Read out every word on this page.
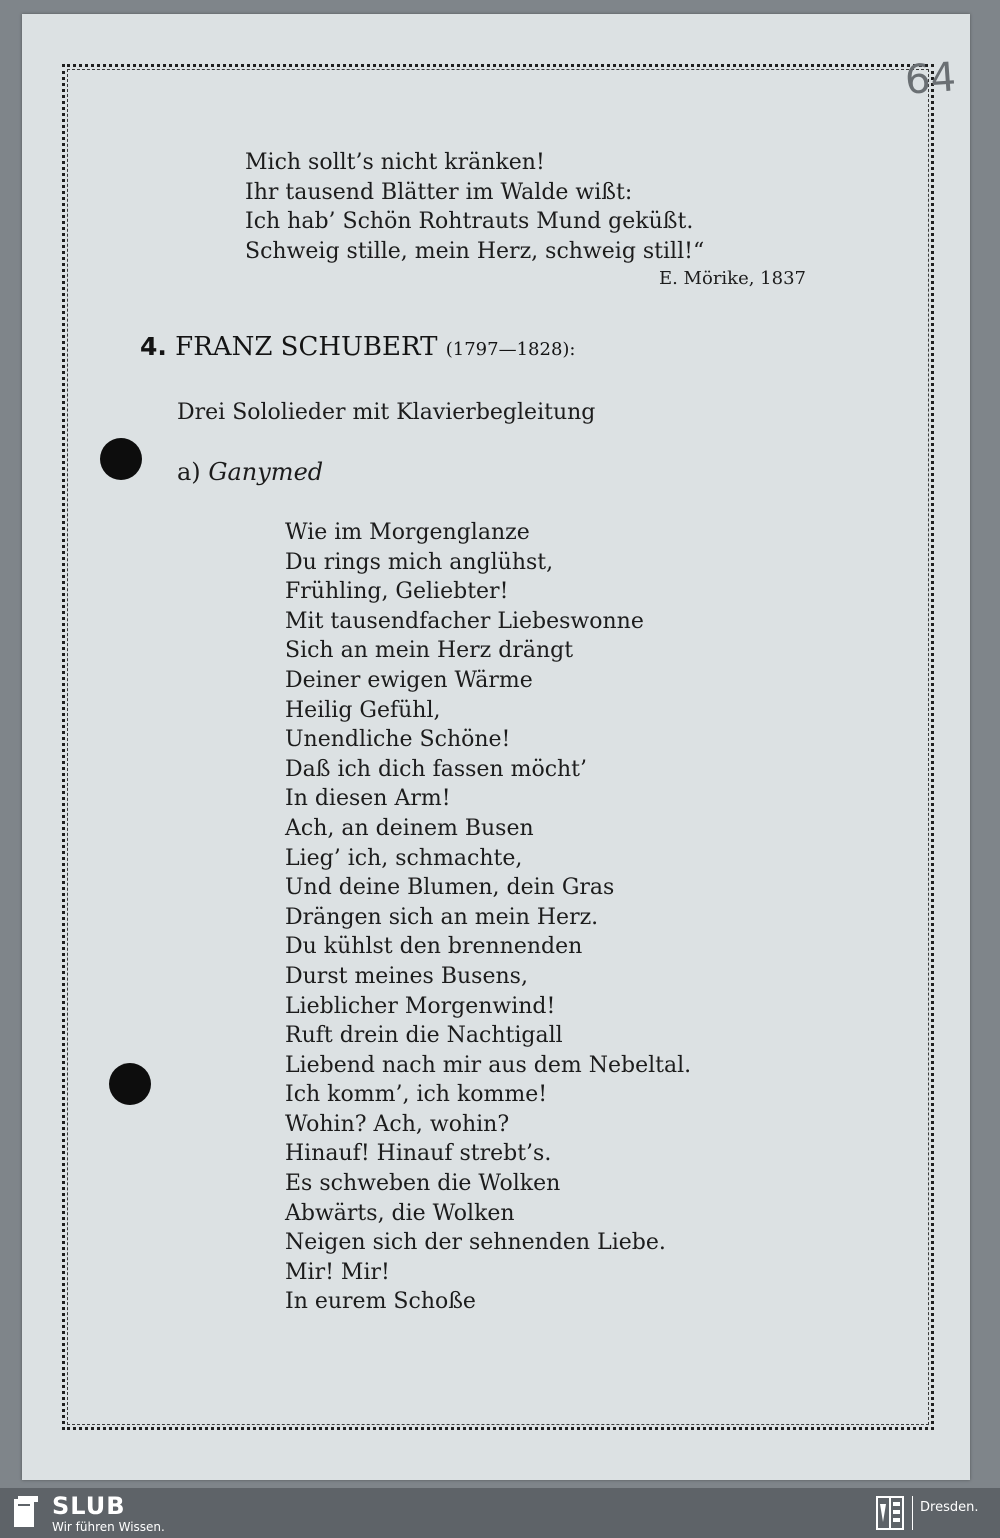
64
Mich sollt’s nicht kränken!
Ihr tausend Blätter im Walde wißt:
Ich hab’ Schön Rohtrauts Mund geküßt.
Schweig stille, mein Herz, schweig still!“
E. Mörike, 1837
4. FRANZ SCHUBERT (1797—1828):
Drei Sololieder mit Klavierbegleitung
a) Ganymed
Wie im Morgenglanze
Du rings mich anglühst,
Frühling, Geliebter!
Mit tausendfacher Liebeswonne
Sich an mein Herz drängt
Deiner ewigen Wärme
Heilig Gefühl,
Unendliche Schöne!
Daß ich dich fassen möcht’
In diesen Arm!
Ach, an deinem Busen
Lieg’ ich, schmachte,
Und deine Blumen, dein Gras
Drängen sich an mein Herz.
Du kühlst den brennenden
Durst meines Busens,
Lieblicher Morgenwind!
Ruft drein die Nachtigall
Liebend nach mir aus dem Nebeltal.
Ich komm’, ich komme!
Wohin? Ach, wohin?
Hinauf! Hinauf strebt’s.
Es schweben die Wolken
Abwärts, die Wolken
Neigen sich der sehnenden Liebe.
Mir! Mir!
In eurem Schoße
SLUB
Wir führen Wissen.
Dresden.
